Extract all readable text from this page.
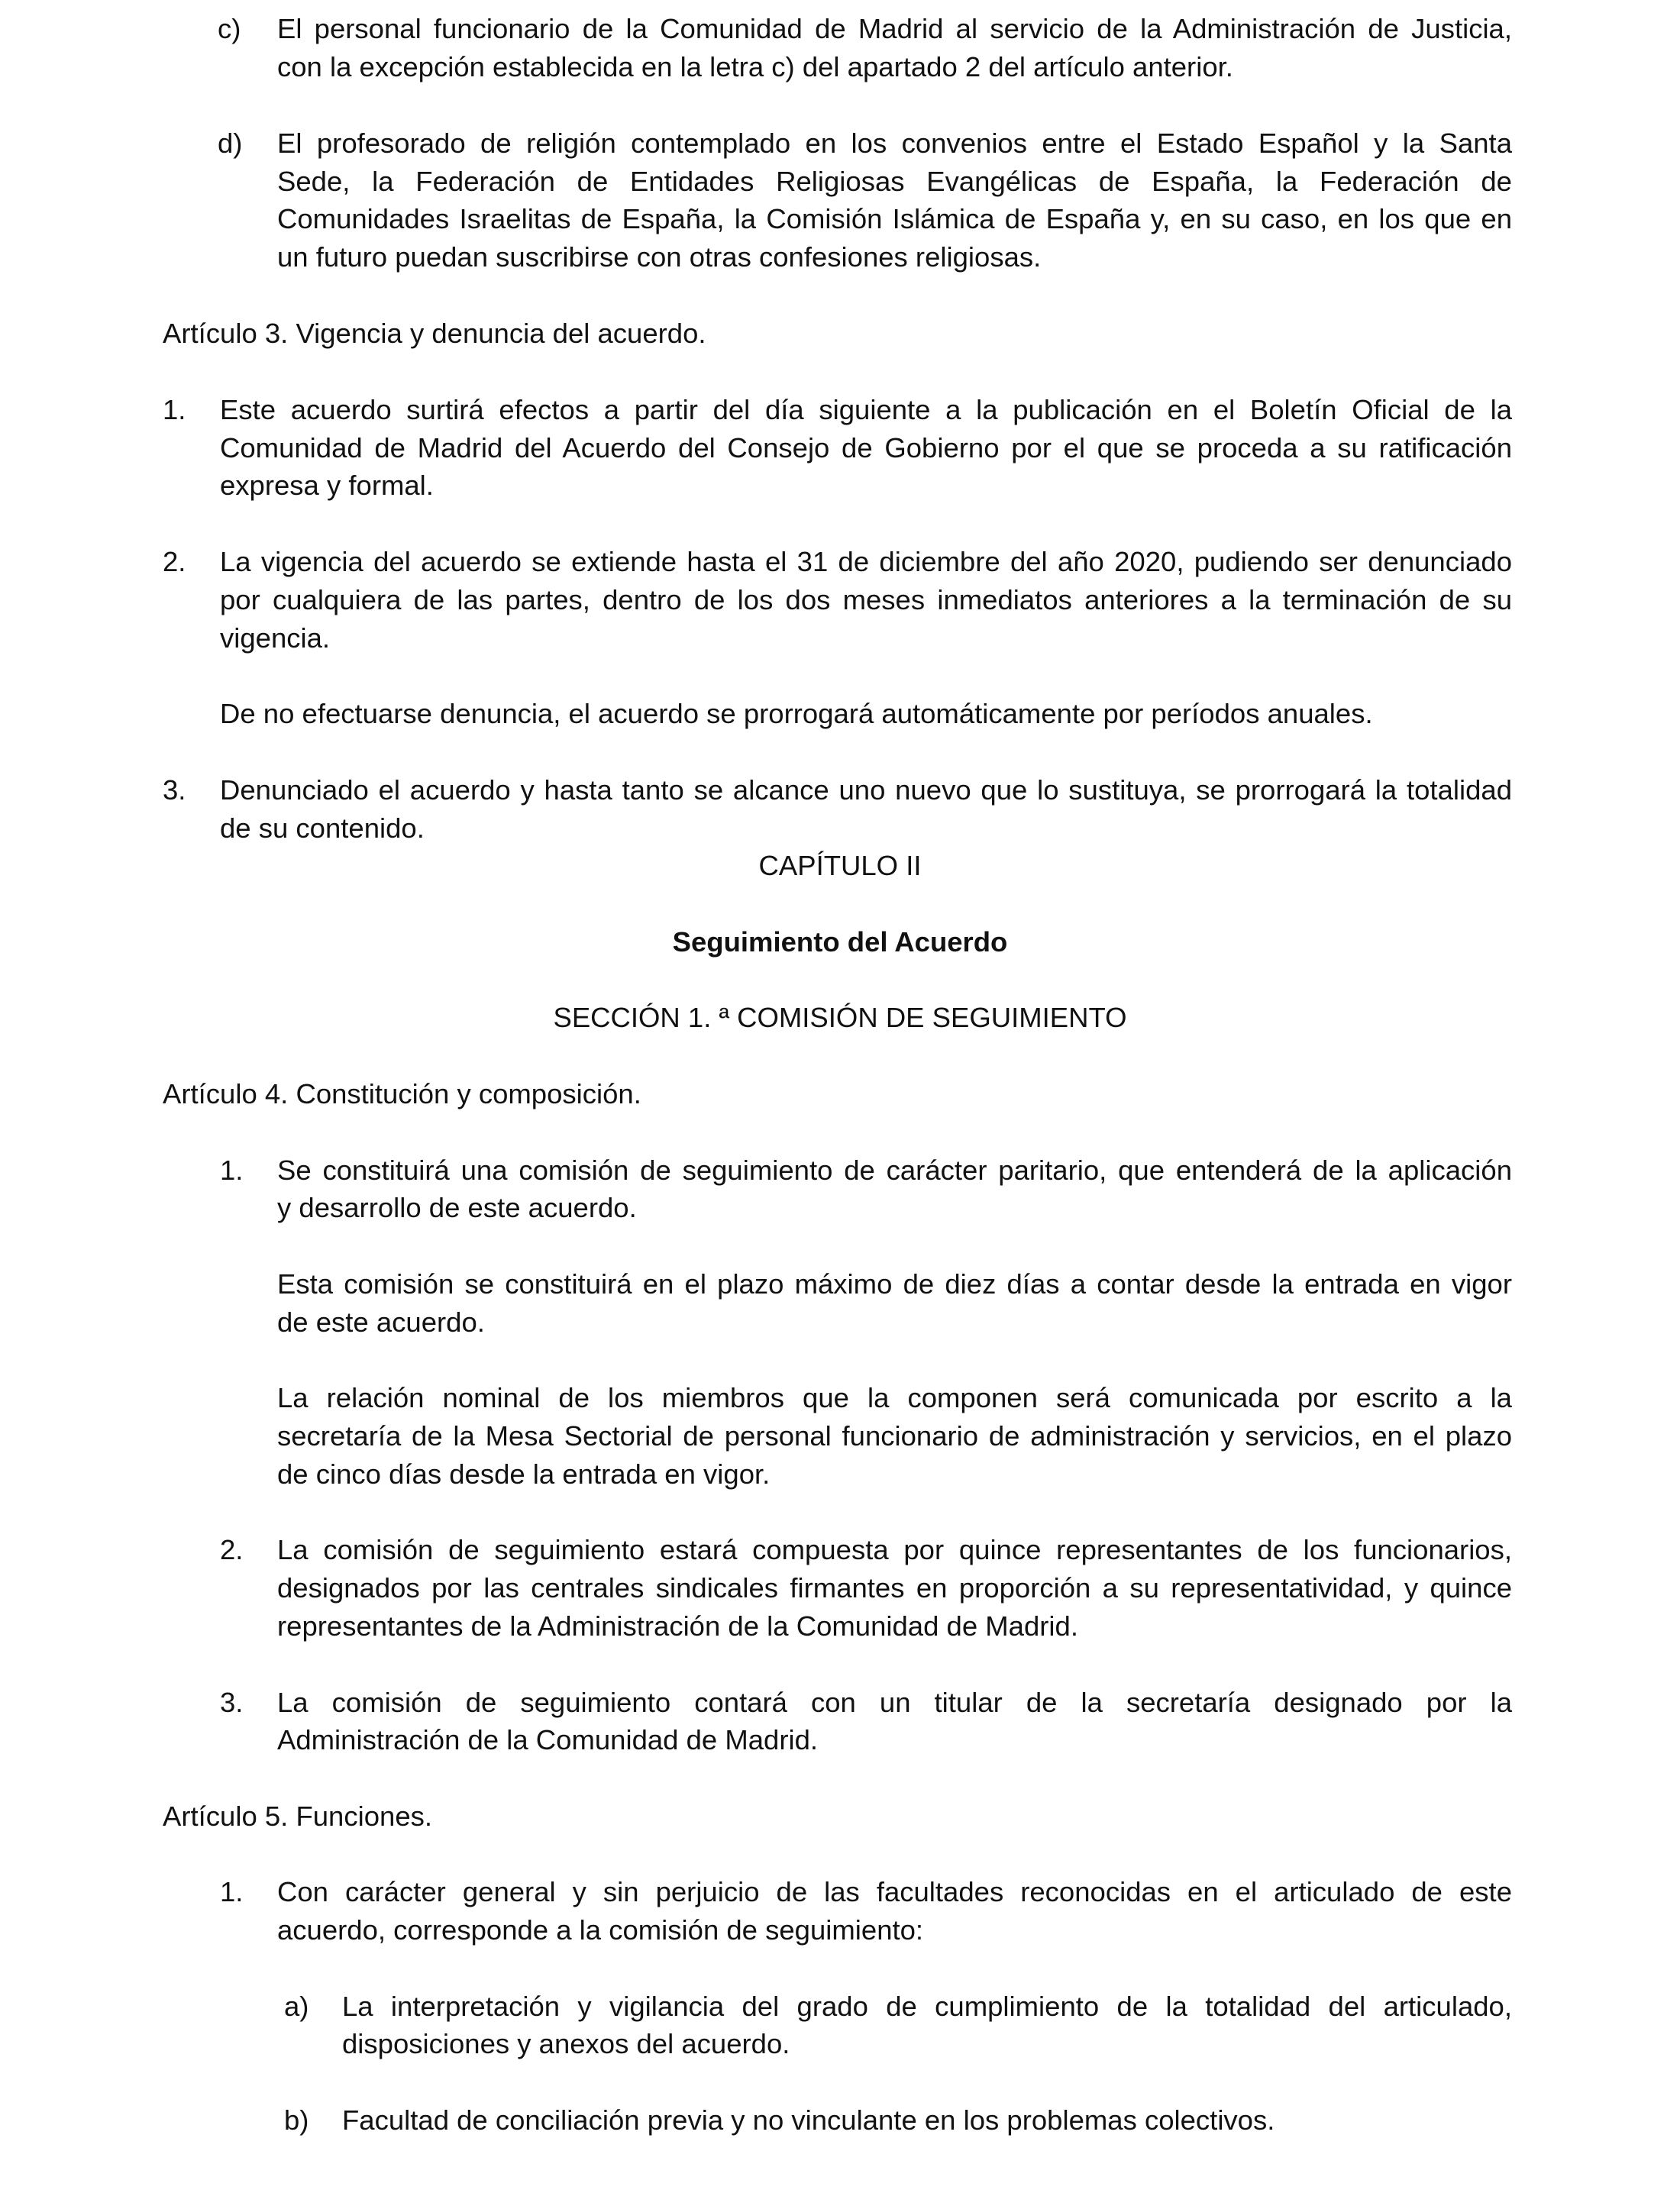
c) El personal funcionario de la Comunidad de Madrid al servicio de la Administración de Justicia,
con la excepción establecida en la letra c) del apartado 2 del artículo anterior.
d) El profesorado de religión contemplado en los convenios entre el Estado Español y la Santa
Sede, la Federación de Entidades Religiosas Evangélicas de España, la Federación de
Comunidades Israelitas de España, la Comisión Islámica de España y, en su caso, en los que en
un futuro puedan suscribirse con otras confesiones religiosas.
Artículo 3. Vigencia y denuncia del acuerdo.
1. Este acuerdo surtirá efectos a partir del día siguiente a la publicación en el Boletín Oficial de la
Comunidad de Madrid del Acuerdo del Consejo de Gobierno por el que se proceda a su ratificación
expresa y formal.
2. La vigencia del acuerdo se extiende hasta el 31 de diciembre del año 2020, pudiendo ser denunciado
por cualquiera de las partes, dentro de los dos meses inmediatos anteriores a la terminación de su
vigencia.
De no efectuarse denuncia, el acuerdo se prorrogará automáticamente por períodos anuales.
3. Denunciado el acuerdo y hasta tanto se alcance uno nuevo que lo sustituya, se prorrogará la totalidad
de su contenido.
CAPÍTULO II
Seguimiento del Acuerdo
SECCIÓN 1. ª COMISIÓN DE SEGUIMIENTO
Artículo 4. Constitución y composición.
1. Se constituirá una comisión de seguimiento de carácter paritario, que entenderá de la aplicación
y desarrollo de este acuerdo.
Esta comisión se constituirá en el plazo máximo de diez días a contar desde la entrada en vigor
de este acuerdo.
La relación nominal de los miembros que la componen será comunicada por escrito a la
secretaría de la Mesa Sectorial de personal funcionario de administración y servicios, en el plazo
de cinco días desde la entrada en vigor.
2. La comisión de seguimiento estará compuesta por quince representantes de los funcionarios,
designados por las centrales sindicales firmantes en proporción a su representatividad, y quince
representantes de la Administración de la Comunidad de Madrid.
3. La comisión de seguimiento contará con un titular de la secretaría designado por la
Administración de la Comunidad de Madrid.
Artículo 5. Funciones.
1. Con carácter general y sin perjuicio de las facultades reconocidas en el articulado de este
acuerdo, corresponde a la comisión de seguimiento:
a) La interpretación y vigilancia del grado de cumplimiento de la totalidad del articulado,
disposiciones y anexos del acuerdo.
b) Facultad de conciliación previa y no vinculante en los problemas colectivos.
